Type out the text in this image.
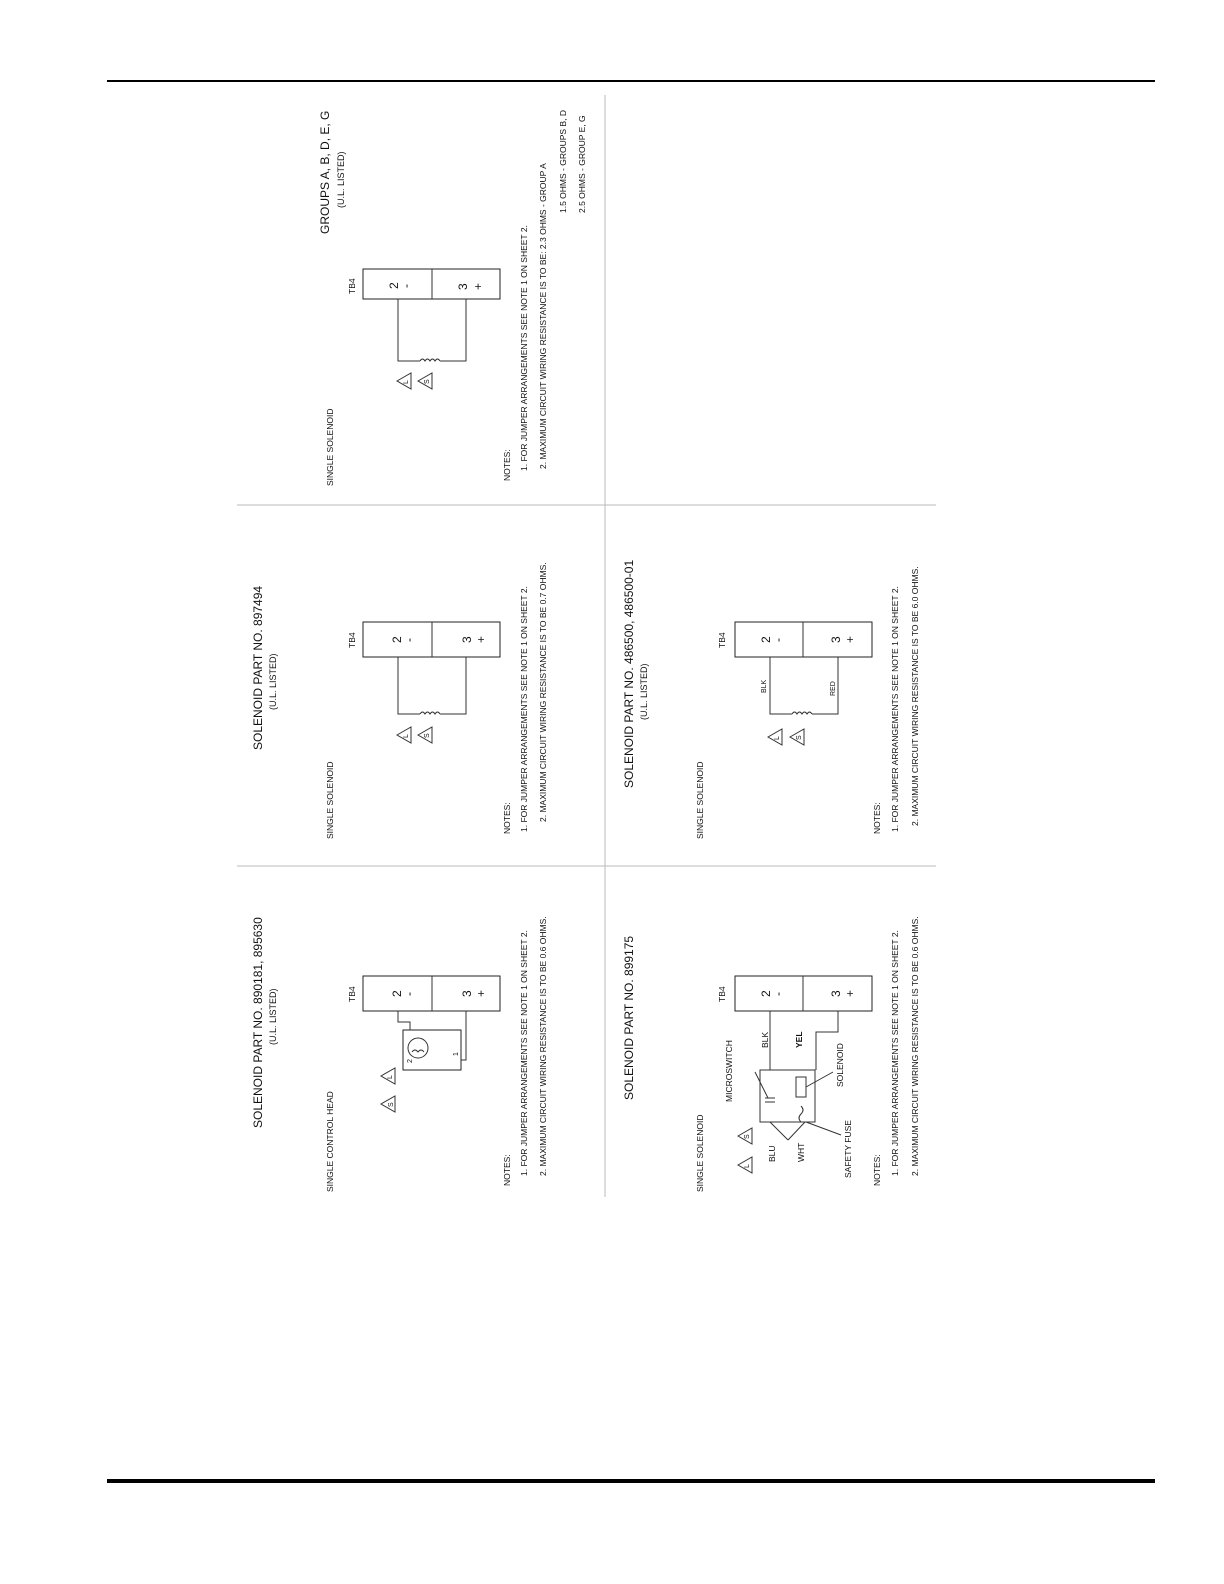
SOLENOID PART NO. 890181, 895630 (U.L. LISTED)
SINGLE CONTROL HEAD
TB4	2
-	3 +
2
1
S
L
NOTES: 1. FOR JUMPER ARRANGEMENTS SEE NOTE 1 ON SHEET 2. 2. MAXIMUM CIRCUIT WIRING RESISTANCE IS TO BE 0.6 OHMS.
SOLENOID PART NO. 897494 (U.L. LISTED)
SINGLE SOLENOID
TB4	2
-	3 +
L S
NOTES: 1. FOR JUMPER ARRANGEMENTS SEE NOTE 1 ON SHEET 2. 2. MAXIMUM CIRCUIT WIRING RESISTANCE IS TO BE 0.7 OHMS.
GROUPS A, B, D, E, G (U.L. LISTED)
SINGLE SOLENOID
TB4	2
-	3 +
L S
NOTES: 1. FOR JUMPER ARRANGEMENTS SEE NOTE 1 ON SHEET 2. 2. MAXIMUM CIRCUIT WIRING RESISTANCE IS TO BE: 2.3 OHMS - GROUP A
1.5 OHMS - GROUPS B, D 2.5 OHMS - GROUP E, G
SOLENOID PART NO. 899175
SINGLE SOLENOID
TB4	2
-	3 +
MICROSWITCH
BLK	YEL
SOLENOID
BLU WHT	SAFETY FUSE
L
S
NOTES: 1. FOR JUMPER ARRANGEMENTS SEE NOTE 1 ON SHEET 2. 2. MAXIMUM CIRCUIT WIRING RESISTANCE IS TO BE 0.6 OHMS.
SOLENOID PART NO. 486500, 486500-01 (U.L. LISTED)
SINGLE SOLENOID
TB4	2
-	3 +
BLK	RED
L S
NOTES: 1. FOR JUMPER ARRANGEMENTS SEE NOTE 1 ON SHEET 2. 2. MAXIMUM CIRCUIT WIRING RESISTANCE IS TO BE 6.0 OHMS.
